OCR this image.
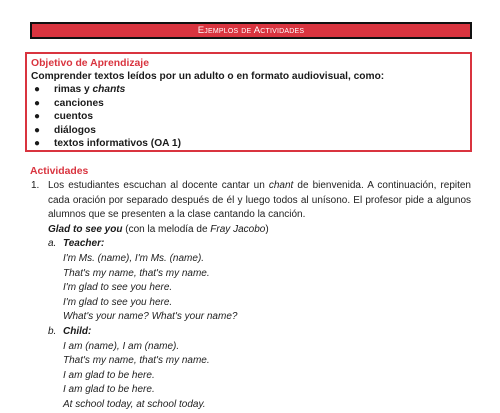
Ejemplos de Actividades

Objetivo de Aprendizaje

Comprender textos leídos por un adulto o en formato audiovisual, como:

● rimas y chants
● canciones
● cuentos
● diálogos
● textos informativos (OA 1)

Actividades

1. Los estudiantes escuchan al docente cantar un chant de bienvenida. A continuación, repiten cada oración por separado después de él y luego todos al unísono. El profesor pide a algunos alumnos que se presenten a la clase cantando la canción.
Glad to see you (con la melodía de Fray Jacobo)
a. Teacher:
I'm Ms. (name), I'm Ms. (name).
That's my name, that's my name.
I'm glad to see you here.
I'm glad to see you here.
What's your name? What's your name?
b. Child:
I am (name), I am (name).
That's my name, that's my name.
I am glad to be here.
I am glad to be here.
At school today, at school today.
